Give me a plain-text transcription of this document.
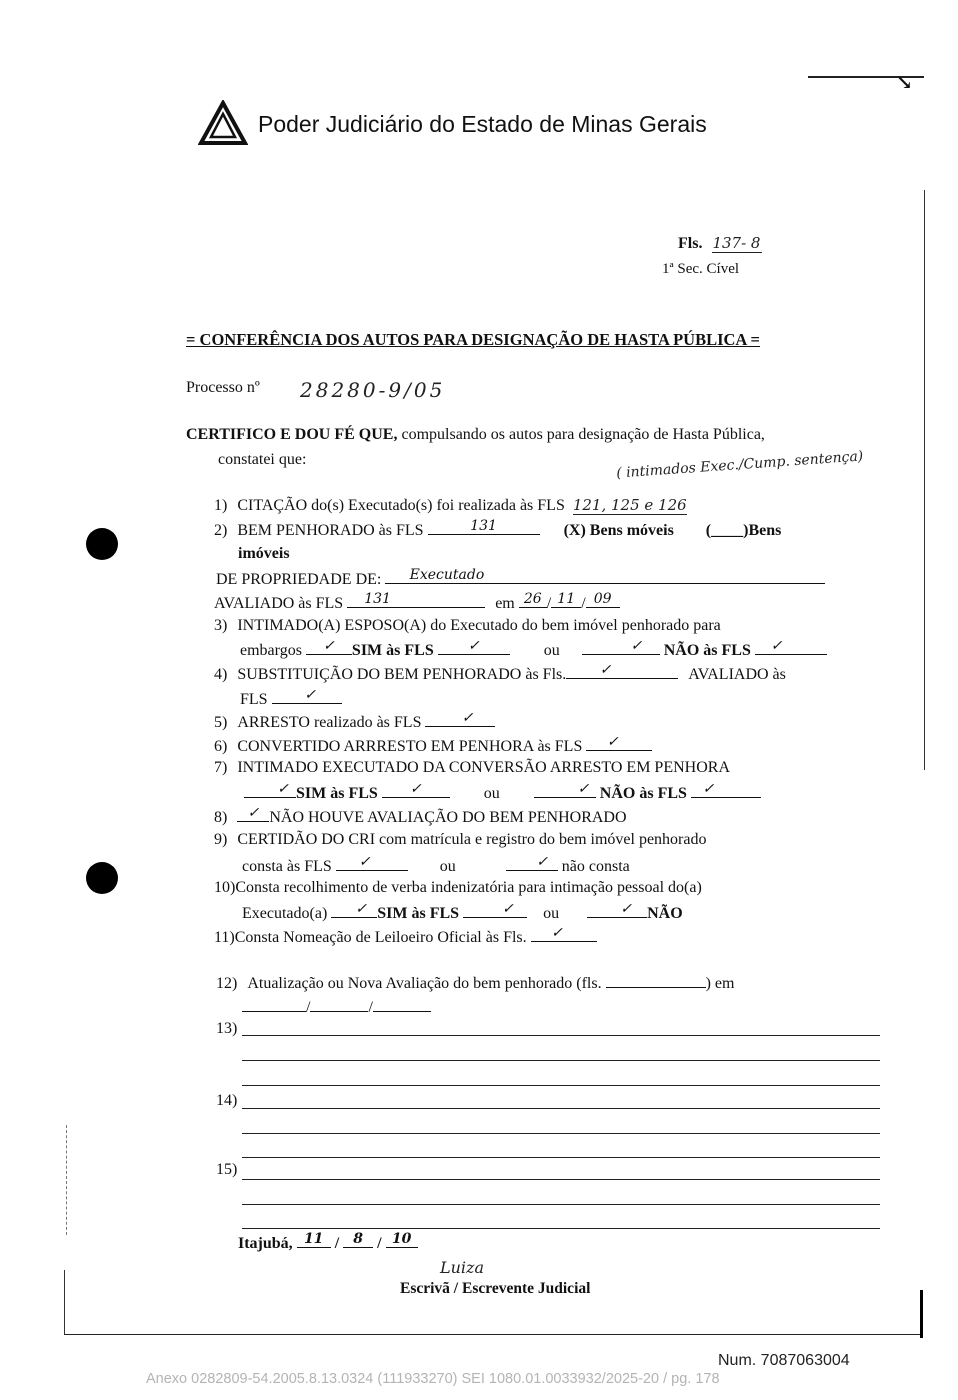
↘
Poder Judiciário do Estado de Minas Gerais
Fls. 137- 8
1ª Sec. Cível
= CONFERÊNCIA DOS AUTOS PARA DESIGNAÇÃO DE HASTA PÚBLICA =
Processo nº 28280-9/05
CERTIFICO E DOU FÉ QUE, compulsando os autos para designação de Hasta Pública,
constatei que:	( intimados Exec./Cump. sentença)
1) CITAÇÃO do(s) Executado(s) foi realizada às FLS 121, 125 e 126
2) BEM PENHORADO às FLS	131	(X) Bens móveis (____)Bens
imóveis
DE PROPRIEDADE DE: Executado
AVALIADO às FLS 131	em 26 / 11 / 09
3) INTIMADO(A) ESPOSO(A) do Executado do bem imóvel penhorado para
embargos ✓ SIM às FLS ✓	ou	✓ NÃO às FLS ✓
4) SUBSTITUIÇÃO DO BEM PENHORADO às Fls. ✓	AVALIADO às
FLS	✓
5) ARRESTO realizado às FLS	✓
6) CONVERTIDO ARRRESTO EM PENHORA às FLS ✓
7) INTIMADO EXECUTADO DA CONVERSÃO ARRESTO EM PENHORA
✓ SIM às FLS ✓	ou	✓ NÃO às FLS ✓
8) ✓ NÃO HOUVE AVALIAÇÃO DO BEM PENHORADO
9) CERTIDÃO DO CRI com matrícula e registro do bem imóvel penhorado
consta às FLS ✓	ou	✓ não consta
10)Consta recolhimento de verba indenizatória para intimação pessoal do(a)
Executado(a) ✓ SIM às FLS	✓ ou	✓ NÃO
11)Consta Nomeação de Leiloeiro Oficial às Fls. ✓
12) Atualização ou Nova Avaliação do bem penhorado (fls.	) em
/	/
13)
14)
15)
Itajubá, 11 / 8 / 10
Luiza
Escrivã / Escrevente Judicial
Num. 7087063004
Anexo 0282809-54.2005.8.13.0324 (111933270) SEI 1080.01.0033932/2025-20 / pg. 178
